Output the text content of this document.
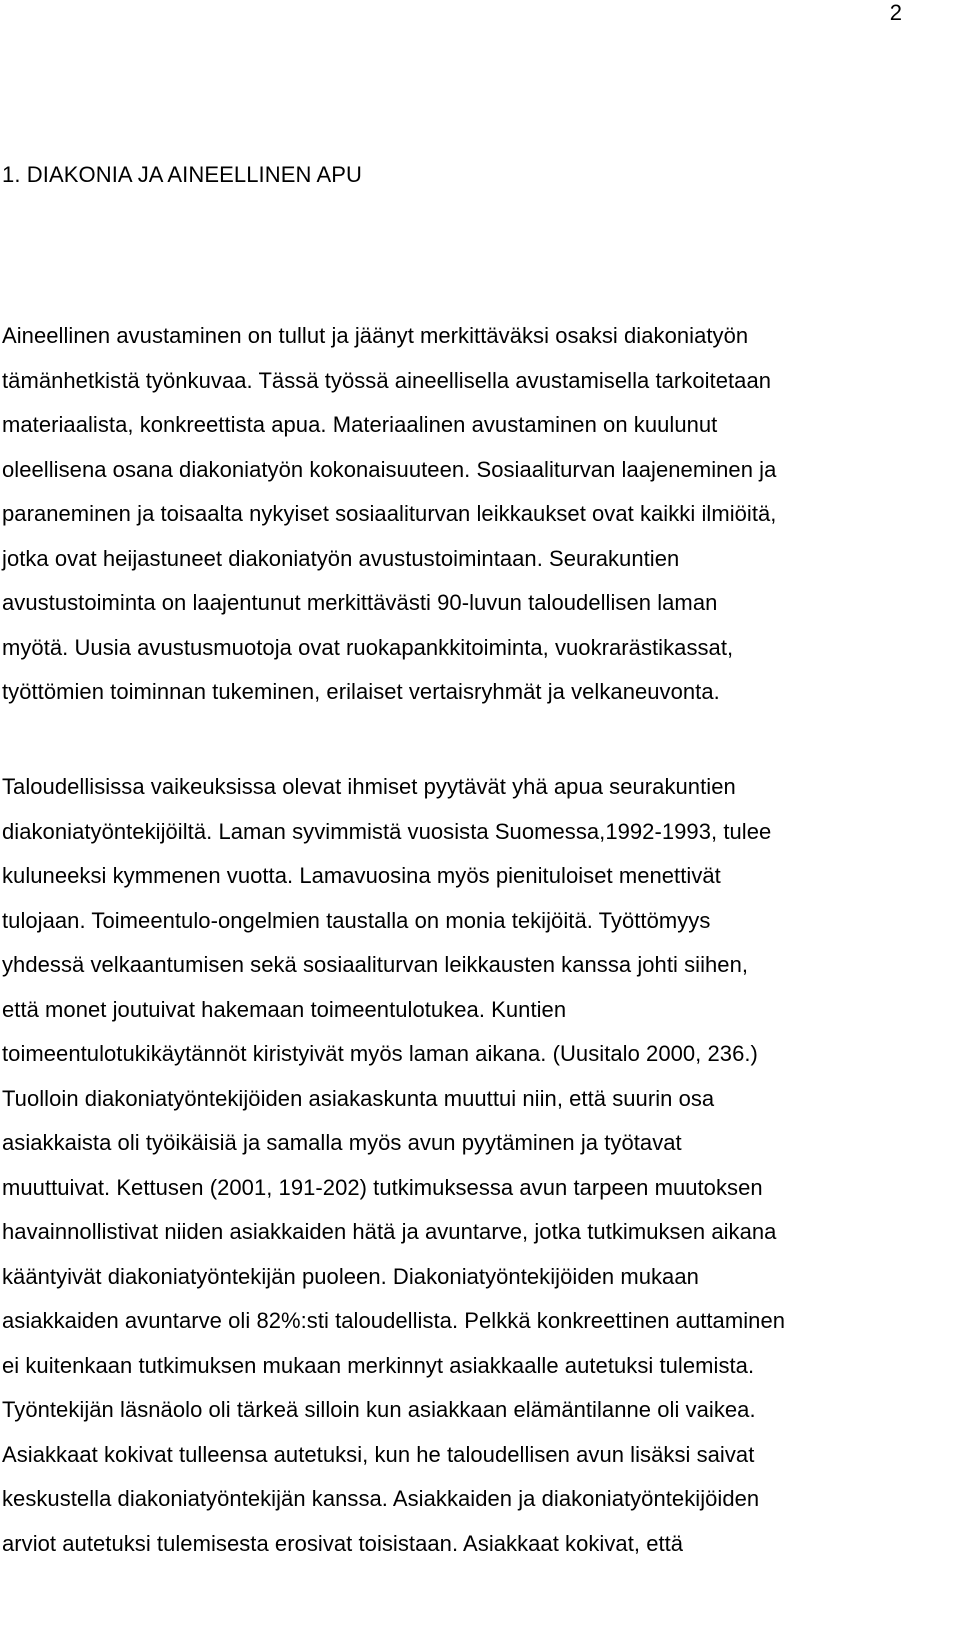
2
1. DIAKONIA JA AINEELLINEN APU
Aineellinen avustaminen on tullut ja jäänyt merkittäväksi osaksi diakoniatyön
tämänhetkistä työnkuvaa. Tässä työssä aineellisella avustamisella tarkoitetaan
materiaalista, konkreettista apua. Materiaalinen avustaminen on kuulunut
oleellisena osana diakoniatyön kokonaisuuteen. Sosiaaliturvan laajeneminen ja
paraneminen ja toisaalta nykyiset sosiaaliturvan leikkaukset ovat kaikki ilmiöitä,
jotka ovat heijastuneet diakoniatyön avustustoimintaan. Seurakuntien
avustustoiminta on laajentunut merkittävästi 90-luvun taloudellisen laman
myötä. Uusia avustusmuotoja ovat ruokapankkitoiminta, vuokrarästikassat,
työttömien toiminnan tukeminen, erilaiset vertaisryhmät ja velkaneuvonta.
Taloudellisissa vaikeuksissa olevat ihmiset pyytävät yhä apua seurakuntien
diakoniatyöntekijöiltä. Laman syvimmistä vuosista Suomessa,1992-1993, tulee
kuluneeksi kymmenen vuotta. Lamavuosina myös pienituloiset menettivät
tulojaan. Toimeentulo-ongelmien taustalla on monia tekijöitä. Työttömyys
yhdessä velkaantumisen sekä sosiaaliturvan leikkausten kanssa johti siihen,
että monet joutuivat hakemaan toimeentulotukea. Kuntien
toimeentulotukikäytännöt kiristyivät myös laman aikana. (Uusitalo 2000, 236.)
Tuolloin diakoniatyöntekijöiden asiakaskunta muuttui niin, että suurin osa
asiakkaista oli työikäisiä ja samalla myös avun pyytäminen ja työtavat
muuttuivat. Kettusen (2001, 191-202) tutkimuksessa avun tarpeen muutoksen
havainnollistivat niiden asiakkaiden hätä ja avuntarve, jotka tutkimuksen aikana
kääntyivät diakoniatyöntekijän puoleen. Diakoniatyöntekijöiden mukaan
asiakkaiden avuntarve oli 82%:sti taloudellista. Pelkkä konkreettinen auttaminen
ei kuitenkaan tutkimuksen mukaan merkinnyt asiakkaalle autetuksi tulemista.
Työntekijän läsnäolo oli tärkeä silloin kun asiakkaan elämäntilanne oli vaikea.
Asiakkaat kokivat tulleensa autetuksi, kun he taloudellisen avun lisäksi saivat
keskustella diakoniatyöntekijän kanssa. Asiakkaiden ja diakoniatyöntekijöiden
arviot autetuksi tulemisesta erosivat toisistaan. Asiakkaat kokivat, että
